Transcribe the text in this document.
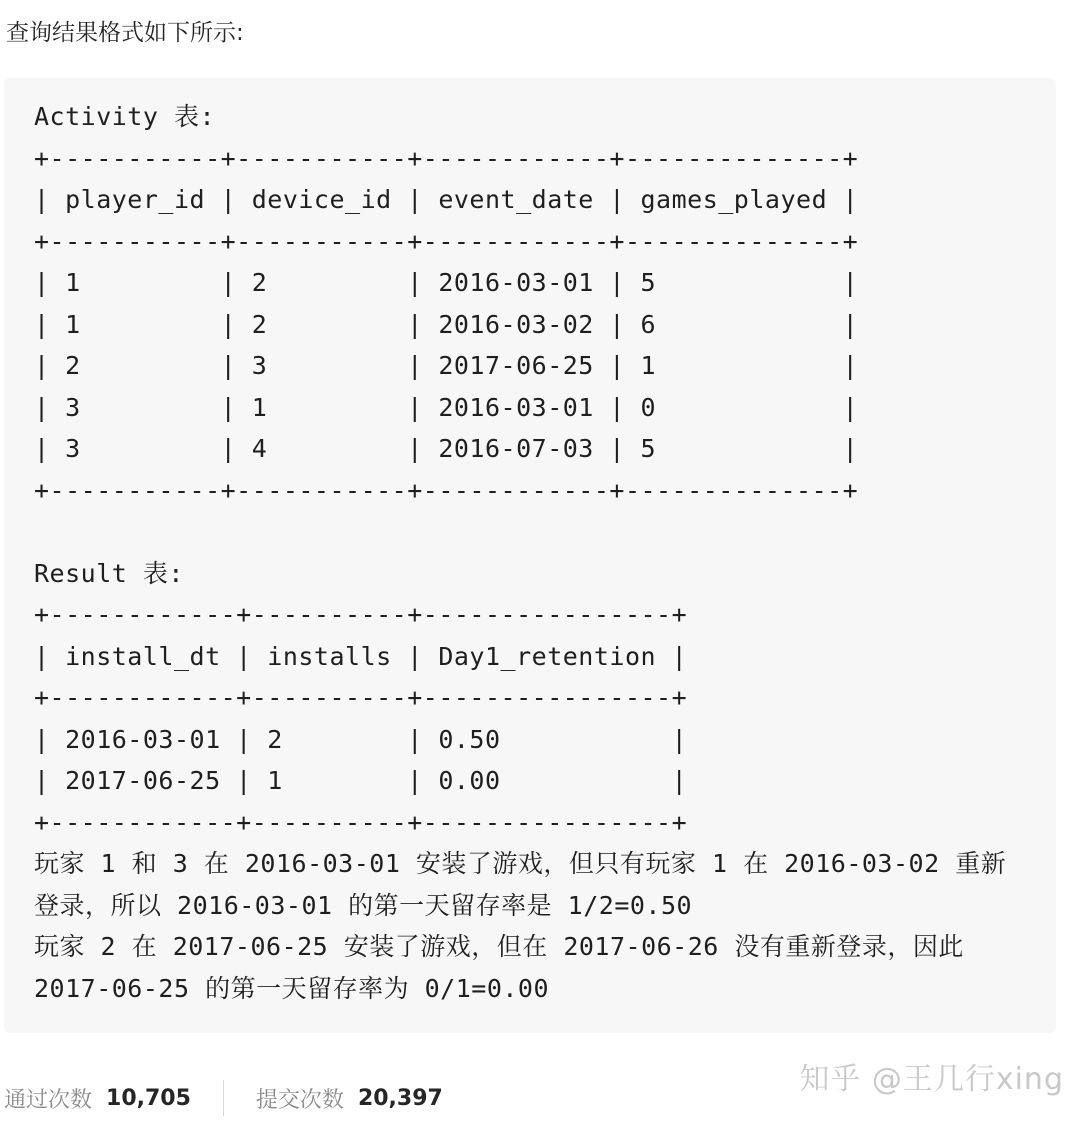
查询结果格式如下所示:
Activity 表:
+-----------+-----------+------------+--------------+
| player_id | device_id | event_date | games_played |
+-----------+-----------+------------+--------------+
| 1         | 2         | 2016-03-01 | 5            |
| 1         | 2         | 2016-03-02 | 6            |
| 2         | 3         | 2017-06-25 | 1            |
| 3         | 1         | 2016-03-01 | 0            |
| 3         | 4         | 2016-07-03 | 5            |
+-----------+-----------+------------+--------------+
Result 表:
+------------+----------+----------------+
| install_dt | installs | Day1_retention |
+------------+----------+----------------+
| 2016-03-01 | 2        | 0.50           |
| 2017-06-25 | 1        | 0.00           |
+------------+----------+----------------+
玩家 1 和 3 在 2016-03-01 安装了游戏，但只有玩家 1 在 2016-03-02 重新
登录，所以 2016-03-01 的第一天留存率是 1/2=0.50
玩家 2 在 2017-06-25 安装了游戏，但在 2017-06-26 没有重新登录，因此
2017-06-25 的第一天留存率为 0/1=0.00
通过次数 10,705	提交次数 20,397
知乎 @王几行xing
